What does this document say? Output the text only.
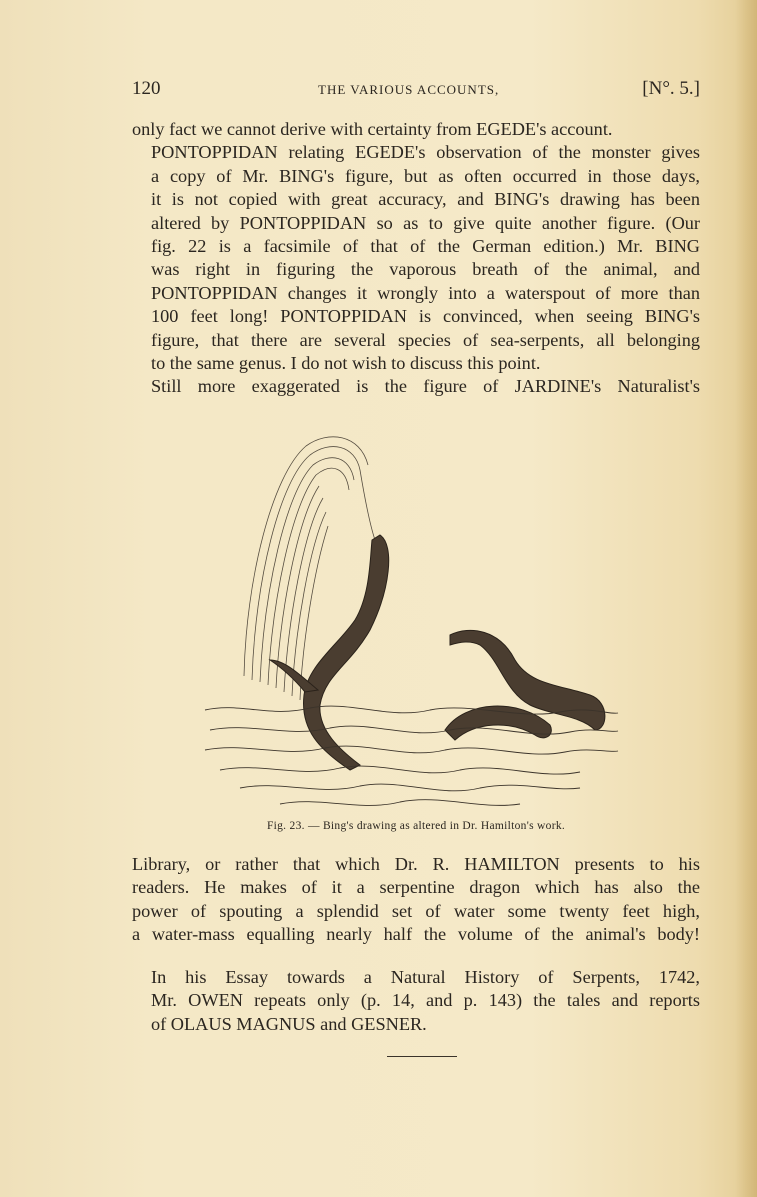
120	THE VARIOUS ACCOUNTS,	[N°. 5.]

only fact we cannot derive with certainty from EGEDE's account.

PONTOPPIDAN relating EGEDE's observation of the monster gives
a copy of Mr. BING's figure, but as often occurred in those days,
it is not copied with great accuracy, and BING's drawing has been
altered by PONTOPPIDAN so as to give quite another figure. (Our
fig. 22 is a facsimile of that of the German edition.) Mr. BING
was right in figuring the vaporous breath of the animal, and
PONTOPPIDAN changes it wrongly into a waterspout of more than
100 feet long! PONTOPPIDAN is convinced, when seeing BING's
figure, that there are several species of sea-serpents, all belonging
to the same genus. I do not wish to discuss this point.

Still more exaggerated is the figure of JARDINE's Naturalist's

Fig. 23. — Bing's drawing as altered in Dr. Hamilton's work.

Library, or rather that which Dr. R. HAMILTON presents to his
readers. He makes of it a serpentine dragon which has also the
power of spouting a splendid set of water some twenty feet high,
a water-mass equalling nearly half the volume of the animal's body!

In his Essay towards a Natural History of Serpents, 1742,
Mr. OWEN repeats only (p. 14, and p. 143) the tales and reports
of OLAUS MAGNUS and GESNER.
